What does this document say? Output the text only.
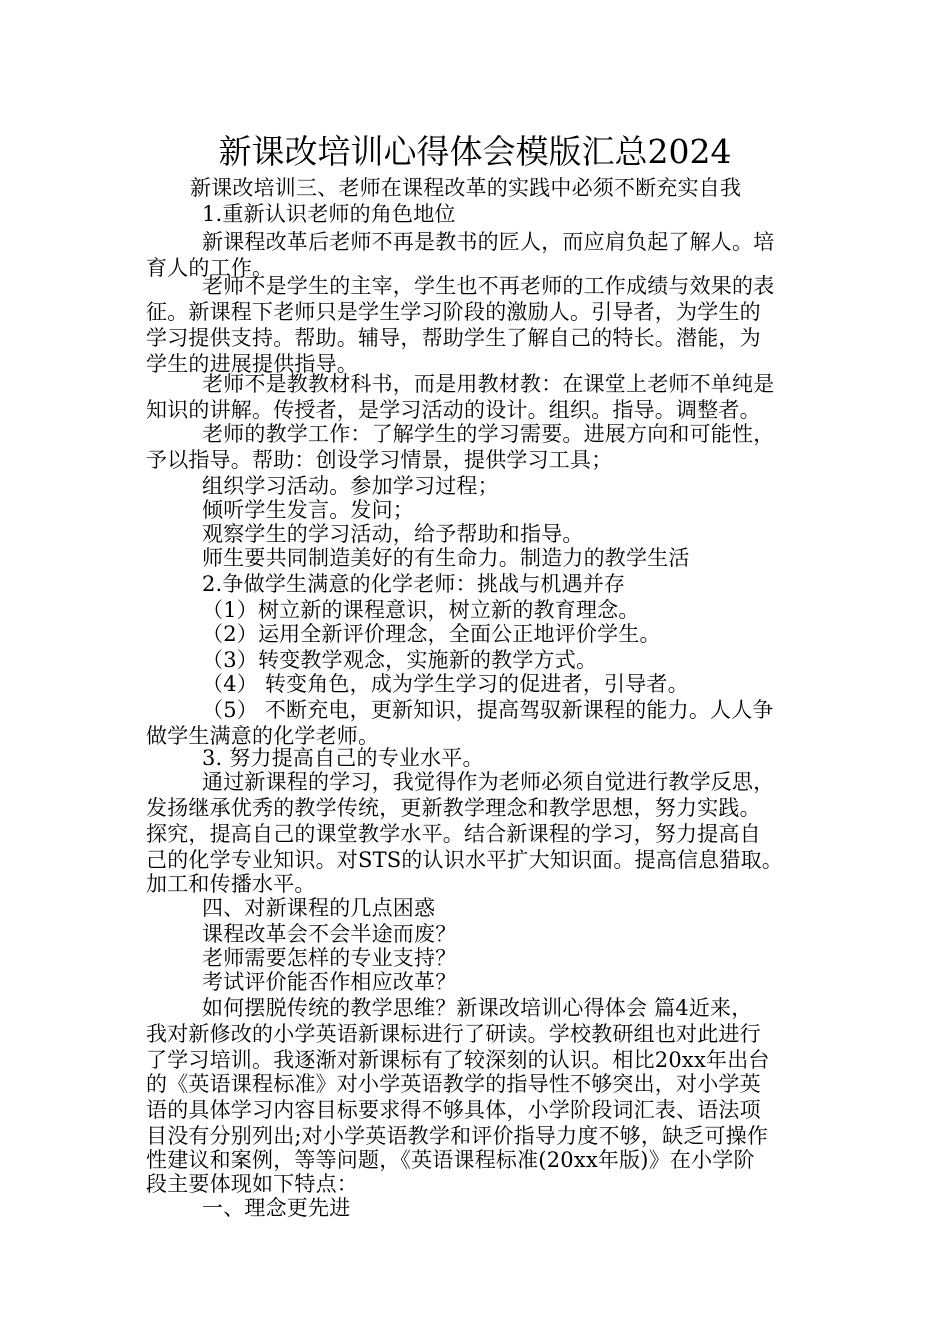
新课改培训心得体会模版汇总2024
新课改培训三、老师在课程改革的实践中必须不断充实自我
1.重新认识老师的角色地位
新课程改革后老师不再是教书的匠人，而应肩负起了解人。培
育人的工作。
老师不是学生的主宰，学生也不再老师的工作成绩与效果的表
征。新课程下老师只是学生学习阶段的激励人。引导者，为学生的
学习提供支持。帮助。辅导，帮助学生了解自己的特长。潜能，为
学生的进展提供指导。
老师不是教教材科书，而是用教材教：在课堂上老师不单纯是
知识的讲解。传授者，是学习活动的设计。组织。指导。调整者。
老师的教学工作：了解学生的学习需要。进展方向和可能性，
予以指导。帮助：创设学习情景，提供学习工具；
组织学习活动。参加学习过程；
倾听学生发言。发问；
观察学生的学习活动，给予帮助和指导。
师生要共同制造美好的有生命力。制造力的教学生活
2.争做学生满意的化学老师：挑战与机遇并存
（1）树立新的课程意识，树立新的教育理念。
（2）运用全新评价理念，全面公正地评价学生。
（3）转变教学观念，实施新的教学方式。
（4） 转变角色，成为学生学习的促进者，引导者。
（5） 不断充电，更新知识，提高驾驭新课程的能力。人人争
做学生满意的化学老师。
3. 努力提高自己的专业水平。
通过新课程的学习，我觉得作为老师必须自觉进行教学反思，
发扬继承优秀的教学传统，更新教学理念和教学思想，努力实践。
探究，提高自己的课堂教学水平。结合新课程的学习，努力提高自
己的化学专业知识。对STS的认识水平扩大知识面。提高信息猎取。
加工和传播水平。
四、对新课程的几点困惑
课程改革会不会半途而废？
老师需要怎样的专业支持？
考试评价能否作相应改革？
如何摆脱传统的教学思维？新课改培训心得体会 篇4近来，
我对新修改的小学英语新课标进行了研读。学校教研组也对此进行
了学习培训。我逐渐对新课标有了较深刻的认识。相比20xx年出台
的《英语课程标准》对小学英语教学的指导性不够突出，对小学英
语的具体学习内容目标要求得不够具体，小学阶段词汇表、语法项
目没有分别列出;对小学英语教学和评价指导力度不够，缺乏可操作
性建议和案例，等等问题，《英语课程标准(20xx年版)》在小学阶
段主要体现如下特点：
一、理念更先进
